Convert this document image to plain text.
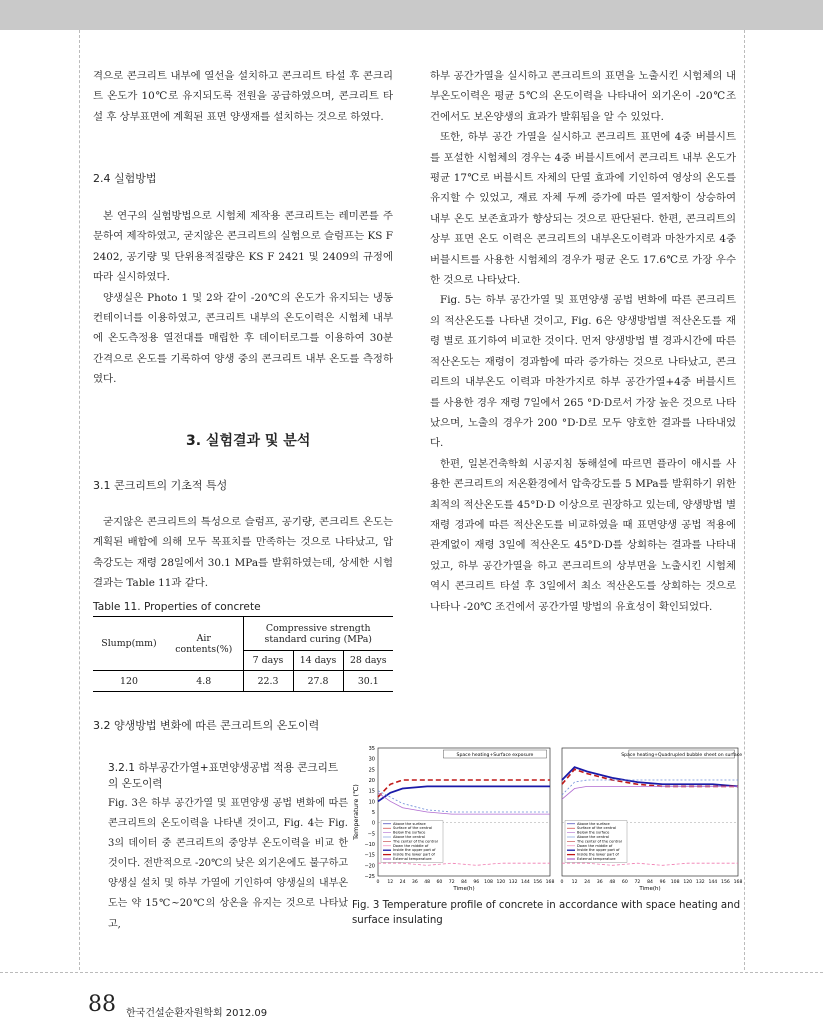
격으로 콘크리트 내부에 열선을 설치하고 콘크리트 타설 후 콘크리트 온도가 10℃로 유지되도록 전원을 공급하였으며, 콘크리트 타설 후 상부표면에 계획된 표면 양생재를 설치하는 것으로 하였다.

2.4 실험방법

본 연구의 실험방법으로 시험체 제작용 콘크리트는 레미콘를 주문하여 제작하였고, 굳지않은 콘크리트의 실험으로 슬럼프는 KS F 2402, 공기량 및 단위용적질량은 KS F 2421 및 2409의 규정에 따라 실시하였다.

양생실은 Photo 1 및 2와 같이 -20℃의 온도가 유지되는 냉동 컨테이너를 이용하였고, 콘크리트 내부의 온도이력은 시험체 내부에 온도측정용 열전대를 매립한 후 데이터로그를 이용하여 30분 간격으로 온도를 기록하여 양생 중의 콘크리트 내부 온도를 측정하였다.

3. 실험결과 및 분석
3.1 콘크리트의 기초적 특성

굳지않은 콘크리트의 특성으로 슬럼프, 공기량, 콘크리트 온도는 계획된 배합에 의해 모두 목표치를 만족하는 것으로 나타났고, 압축강도는 재령 28일에서 30.1 MPa를 발휘하였는데, 상세한 시험결과는 Table 11과 같다.

Table 11. Properties of concrete
Slump(mm)	Air contents(%)	Compressive strength standard curing (MPa)		
		7 days	14 days	28 days
120	4.8	22.3	27.8	30.1
3.2 양생방법 변화에 따른 콘크리트의 온도이력
3.2.1 하부공간가열+표면양생공법 적용 콘크리트의 온도이력

Fig. 3은 하부 공간가열 및 표면양생 공법 변화에 따른 콘크리트의 온도이력을 나타낸 것이고, Fig. 4는 Fig. 3의 데이터 중 콘크리트의 중앙부 온도이력을 비교 한 것이다. 전반적으로 -20℃의 낮은 외기온에도 불구하고 양생실 설치 및 하부 가열에 기인하여 양생실의 내부온도는 약 15℃~20℃의 상온을 유지는 것으로 나타났고,

하부 공간가열을 실시하고 콘크리트의 표면을 노출시킨 시험체의 내부온도이력은 평균 5℃의 온도이력을 나타내어 외기온이 -20℃조건에서도 보온양생의 효과가 발휘됨을 알 수 있었다.

또한, 하부 공간 가열을 실시하고 콘크리트 표면에 4중 버블시트를 포설한 시험체의 경우는 4중 버블시트에서 콘크리트 내부 온도가 평균 17℃로 버블시트 자체의 단열 효과에 기인하여 영상의 온도를 유지할 수 있었고, 재료 자체 두께 증가에 따른 열저항이 상승하여 내부 온도 보존효과가 향상되는 것으로 판단된다. 한편, 콘크리트의 상부 표면 온도 이력은 콘크리트의 내부온도이력과 마찬가지로 4중 버블시트를 사용한 시험체의 경우가 평균 온도 17.6℃로 가장 우수한 것으로 나타났다.

Fig. 5는 하부 공간가열 및 표면양생 공법 변화에 따른 콘크리트의 적산온도를 나타낸 것이고, Fig. 6은 양생방법별 적산온도를 재령 별로 표기하여 비교한 것이다. 먼저 양생방법 별 경과시간에 따른 적산온도는 재령이 경과함에 따라 증가하는 것으로 나타났고, 콘크리트의 내부온도 이력과 마찬가지로 하부 공간가열+4중 버블시트를 사용한 경우 재령 7일에서 265 °D·D로서 가장 높은 것으로 나타났으며, 노출의 경우가 200 °D·D로 모두 양호한 결과를 나타내었다.

한편, 일본건축학회 시공지침 동해설에 따르면 플라이 애시를 사용한 콘크리트의 저온환경에서 압축강도를 5 MPa를 발휘하기 위한 최적의 적산온도를 45°D·D 이상으로 권장하고 있는데, 양생방법 별 재령 경과에 따른 적산온도를 비교하였을 때 표면양생 공법 적용에 관계없이 재령 3일에 적산온도 45°D·D를 상회하는 결과를 나타내었고, 하부 공간가열을 하고 콘크리트의 상부면을 노출시킨 시험체 역시 콘크리트 타설 후 3일에서 최소 적산온도를 상회하는 것으로 나타나 -20℃ 조건에서 공간가열 방법의 유효성이 확인되었다.

Temperature (℃)
35
30
25
20
15
10
5
0
−5
−10
−15
−20
−25
Space heating+Surface exposure
0 12 24 36 48 60 72 84 96 108 120 132 144 156 168
Time(h)
Above the surface
Surface of the central
Below the surface
Above the central
The center of the central
Down the middle of
Inside the upper part of
Inside the lower part of
External temperature
Space heating+Quadrupled bubble sheet on surface
0 12 24 36 48 60 72 84 96 108 120 132 144 156 168
Time(h)
Above the surface
Surface of the central
Below the surface
Above the central
The center of the central
Down the middle of
Inside the upper part of
Inside the lower part of
External temperature
Fig. 3 Temperature profile of concrete in accordance with space heating and surface insulating
88 한국건설순환자원학회 2012.09
